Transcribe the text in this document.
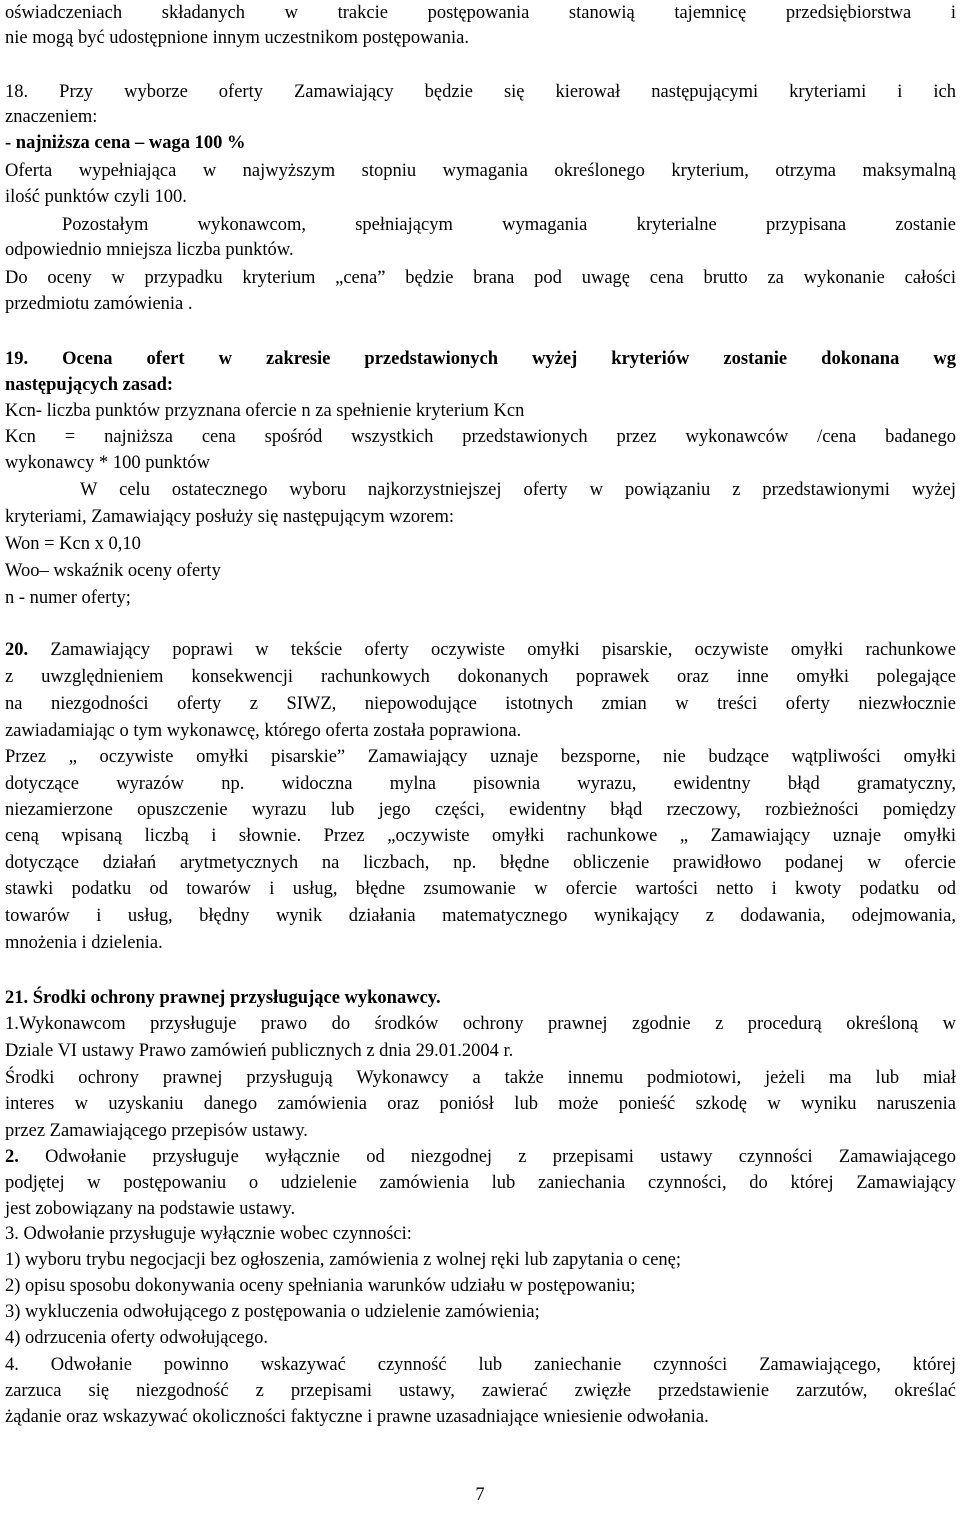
oświadczeniach składanych w trakcie postępowania stanowią tajemnicę przedsiębiorstwa i
nie mogą być udostępnione innym uczestnikom postępowania.
18. Przy wyborze oferty Zamawiający będzie się kierował następującymi kryteriami i ich
znaczeniem:
- najniższa cena – waga 100 %
Oferta wypełniająca w najwyższym stopniu wymagania określonego kryterium, otrzyma maksymalną
ilość punktów czyli 100.
Pozostałym wykonawcom, spełniającym wymagania kryterialne przypisana zostanie
odpowiednio mniejsza liczba punktów.
Do oceny w przypadku kryterium „cena” będzie brana pod uwagę cena brutto za wykonanie całości
przedmiotu zamówienia .
19. Ocena ofert w zakresie przedstawionych wyżej kryteriów zostanie dokonana wg
następujących zasad:
Kcn- liczba punktów przyznana ofercie n za spełnienie kryterium Kcn
Kcn = najniższa cena spośród wszystkich przedstawionych przez wykonawców /cena badanego
wykonawcy * 100 punktów
W celu ostatecznego wyboru najkorzystniejszej oferty w powiązaniu z przedstawionymi wyżej
kryteriami, Zamawiający posłuży się następującym wzorem:
Won = Kcn x 0,10
Woo– wskaźnik oceny oferty
n - numer oferty;
20. Zamawiający poprawi w tekście oferty oczywiste omyłki pisarskie, oczywiste omyłki rachunkowe
z uwzględnieniem konsekwencji rachunkowych dokonanych poprawek oraz inne omyłki polegające
na niezgodności oferty z SIWZ, niepowodujące istotnych zmian w treści oferty niezwłocznie
zawiadamiając o tym wykonawcę, którego oferta została poprawiona.
Przez „ oczywiste omyłki pisarskie” Zamawiający uznaje bezsporne, nie budzące wątpliwości omyłki
dotyczące wyrazów np. widoczna mylna pisownia wyrazu, ewidentny błąd gramatyczny,
niezamierzone opuszczenie wyrazu lub jego części, ewidentny błąd rzeczowy, rozbieżności pomiędzy
ceną wpisaną liczbą i słownie. Przez „oczywiste omyłki rachunkowe „ Zamawiający uznaje omyłki
dotyczące działań arytmetycznych na liczbach, np. błędne obliczenie prawidłowo podanej w ofercie
stawki podatku od towarów i usług, błędne zsumowanie w ofercie wartości netto i kwoty podatku od
towarów i usług, błędny wynik działania matematycznego wynikający z dodawania, odejmowania,
mnożenia i dzielenia.
21. Środki ochrony prawnej przysługujące wykonawcy.
1.Wykonawcom przysługuje prawo do środków ochrony prawnej zgodnie z procedurą określoną w
Dziale VI ustawy Prawo zamówień publicznych z dnia 29.01.2004 r.
Środki ochrony prawnej przysługują Wykonawcy a także innemu podmiotowi, jeżeli ma lub miał
interes w uzyskaniu danego zamówienia oraz poniósł lub może ponieść szkodę w wyniku naruszenia
przez Zamawiającego przepisów ustawy.
2. Odwołanie przysługuje wyłącznie od niezgodnej z przepisami ustawy czynności Zamawiającego
podjętej w postępowaniu o udzielenie zamówienia lub zaniechania czynności, do której Zamawiający
jest zobowiązany na podstawie ustawy.
3. Odwołanie przysługuje wyłącznie wobec czynności:
1) wyboru trybu negocjacji bez ogłoszenia, zamówienia z wolnej ręki lub zapytania o cenę;
2) opisu sposobu dokonywania oceny spełniania warunków udziału w postępowaniu;
3) wykluczenia odwołującego z postępowania o udzielenie zamówienia;
4) odrzucenia oferty odwołującego.
4. Odwołanie powinno wskazywać czynność lub zaniechanie czynności Zamawiającego, której
zarzuca się niezgodność z przepisami ustawy, zawierać zwięzłe przedstawienie zarzutów, określać
żądanie oraz wskazywać okoliczności faktyczne i prawne uzasadniające wniesienie odwołania.
7
